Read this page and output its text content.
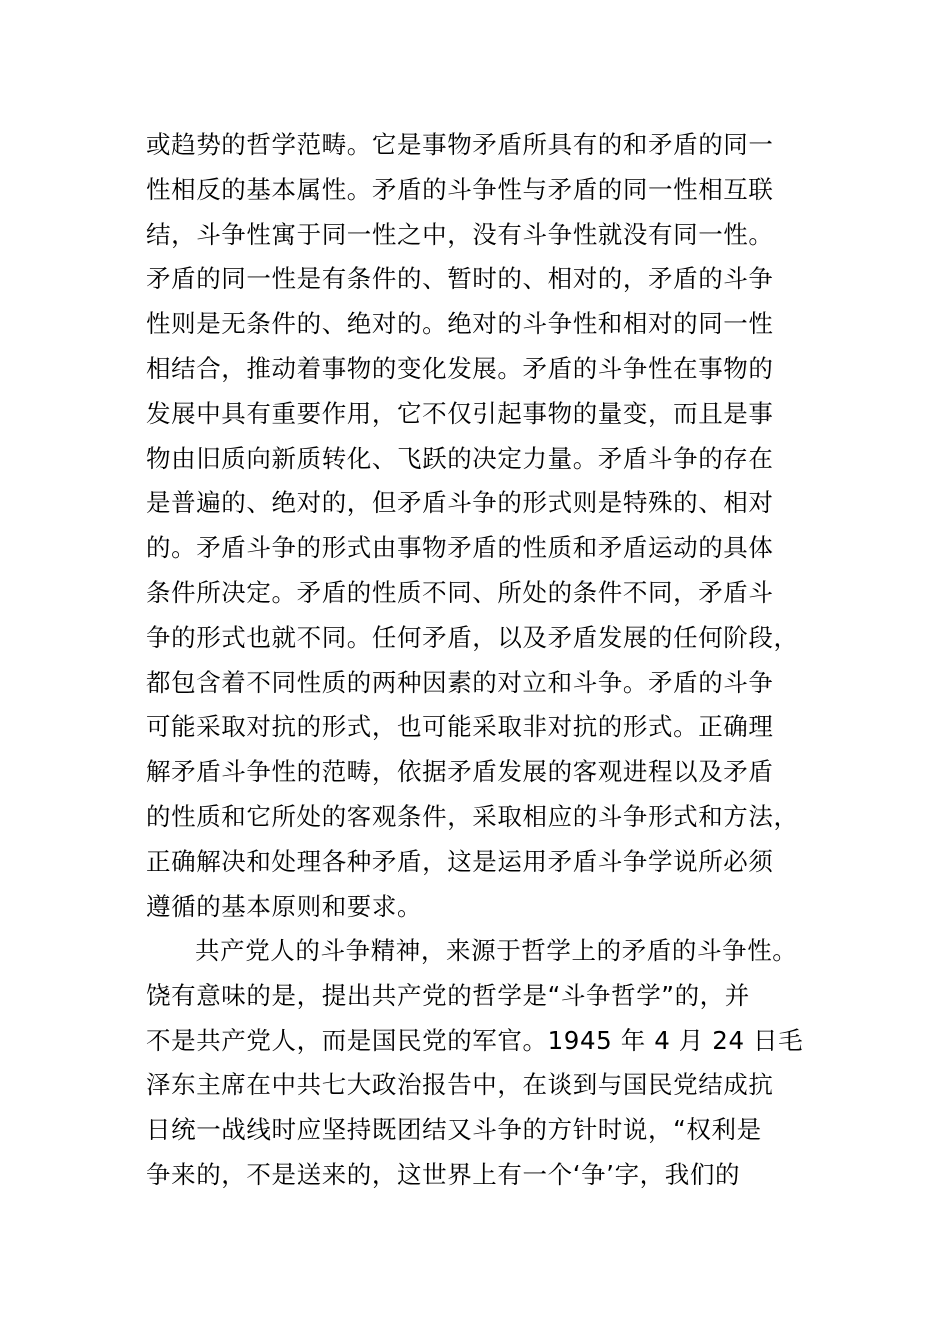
或趋势的哲学范畴。它是事物矛盾所具有的和矛盾的同一
性相反的基本属性。矛盾的斗争性与矛盾的同一性相互联
结，斗争性寓于同一性之中，没有斗争性就没有同一性。
矛盾的同一性是有条件的、暂时的、相对的，矛盾的斗争
性则是无条件的、绝对的。绝对的斗争性和相对的同一性
相结合，推动着事物的变化发展。矛盾的斗争性在事物的
发展中具有重要作用，它不仅引起事物的量变，而且是事
物由旧质向新质转化、飞跃的决定力量。矛盾斗争的存在
是普遍的、绝对的，但矛盾斗争的形式则是特殊的、相对
的。矛盾斗争的形式由事物矛盾的性质和矛盾运动的具体
条件所决定。矛盾的性质不同、所处的条件不同，矛盾斗
争的形式也就不同。任何矛盾，以及矛盾发展的任何阶段，
都包含着不同性质的两种因素的对立和斗争。矛盾的斗争
可能采取对抗的形式，也可能采取非对抗的形式。正确理
解矛盾斗争性的范畴，依据矛盾发展的客观进程以及矛盾
的性质和它所处的客观条件，采取相应的斗争形式和方法，
正确解决和处理各种矛盾，这是运用矛盾斗争学说所必须
遵循的基本原则和要求。
共产党人的斗争精神，来源于哲学上的矛盾的斗争性。
饶有意味的是，提出共产党的哲学是“斗争哲学”的，并
不是共产党人，而是国民党的军官。1945 年 4 月 24 日毛
泽东主席在中共七大政治报告中，在谈到与国民党结成抗
日统一战线时应坚持既团结又斗争的方针时说，“权利是
争来的，不是送来的，这世界上有一个‘争’字，我们的
